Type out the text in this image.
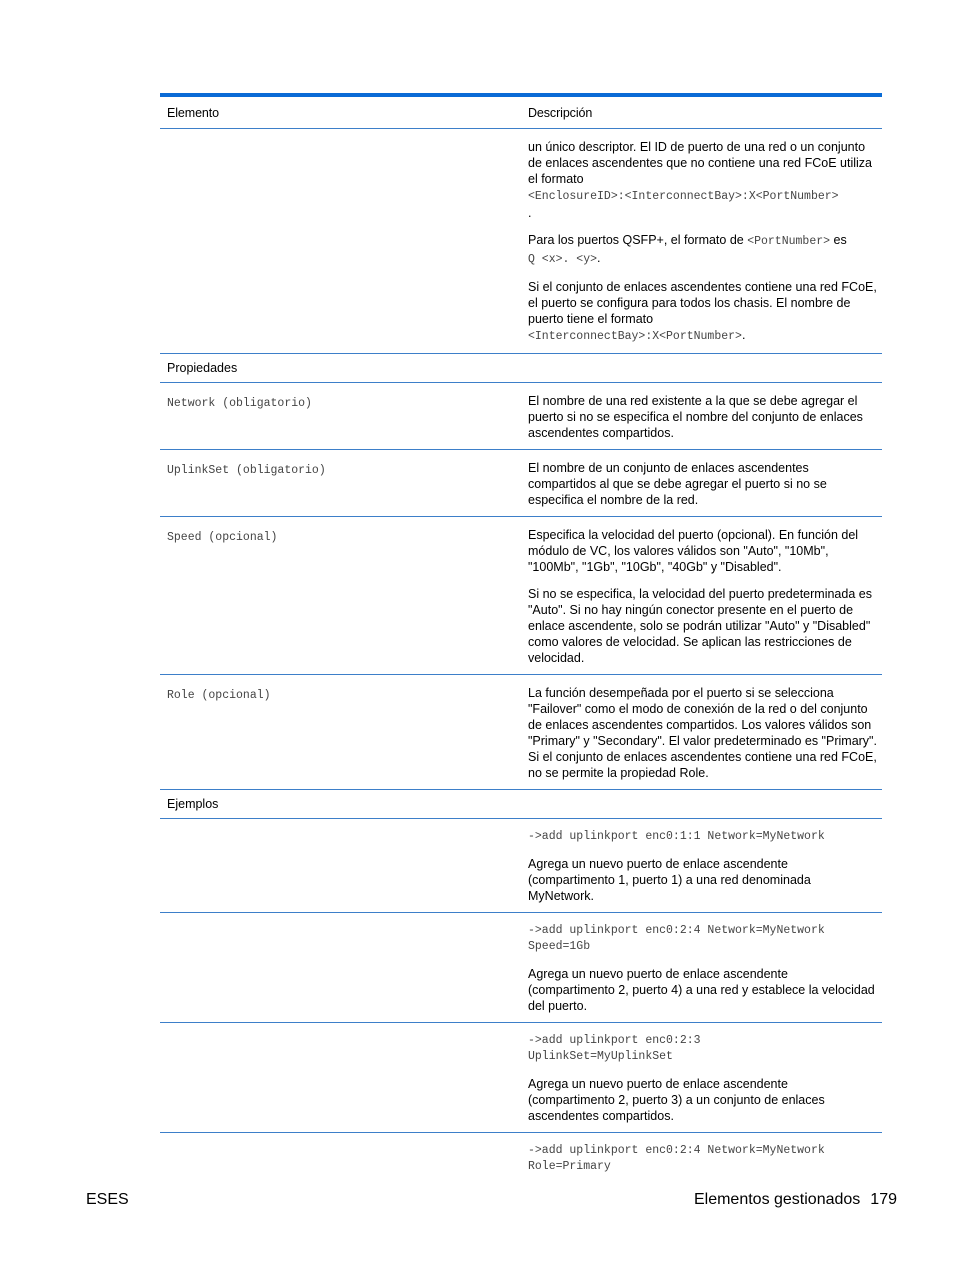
Elemento	Descripción

un único descriptor. El ID de puerto de una red o un conjunto de enlaces ascendentes que no contiene una red FCoE utiliza el formato
<EnclosureID>:<InterconnectBay>:X<PortNumber>
.

Para los puertos QSFP+, el formato de <PortNumber> es
Q <x>. <y>.

Si el conjunto de enlaces ascendentes contiene una red FCoE, el puerto se configura para todos los chasis. El nombre de puerto tiene el formato
<InterconnectBay>:X<PortNumber>.

Propiedades
Network (obligatorio)	El nombre de una red existente a la que se debe agregar el puerto si no se especifica el nombre del conjunto de enlaces ascendentes compartidos.

UplinkSet (obligatorio)	El nombre de un conjunto de enlaces ascendentes compartidos al que se debe agregar el puerto si no se especifica el nombre de la red.

Speed (opcional)	Especifica la velocidad del puerto (opcional). En función del módulo de VC, los valores válidos son "Auto", "10Mb", "100Mb", "1Gb", "10Gb", "40Gb" y "Disabled".

Si no se especifica, la velocidad del puerto predeterminada es "Auto". Si no hay ningún conector presente en el puerto de enlace ascendente, solo se podrán utilizar "Auto" y "Disabled" como valores de velocidad. Se aplican las restricciones de velocidad.

Role (opcional)	La función desempeñada por el puerto si se selecciona "Failover" como el modo de conexión de la red o del conjunto de enlaces ascendentes compartidos. Los valores válidos son "Primary" y "Secondary". El valor predeterminado es "Primary". Si el conjunto de enlaces ascendentes contiene una red FCoE, no se permite la propiedad Role.

Ejemplos
->add uplinkport enc0:1:1 Network=MyNetwork

Agrega un nuevo puerto de enlace ascendente (compartimento 1, puerto 1) a una red denominada MyNetwork.

->add uplinkport enc0:2:4 Network=MyNetwork
Speed=1Gb

Agrega un nuevo puerto de enlace ascendente (compartimento 2, puerto 4) a una red y establece la velocidad del puerto.

->add uplinkport enc0:2:3
UplinkSet=MyUplinkSet

Agrega un nuevo puerto de enlace ascendente (compartimento 2, puerto 3) a un conjunto de enlaces ascendentes compartidos.

->add uplinkport enc0:2:4 Network=MyNetwork
Role=Primary
ESES	Elementos gestionados 179
